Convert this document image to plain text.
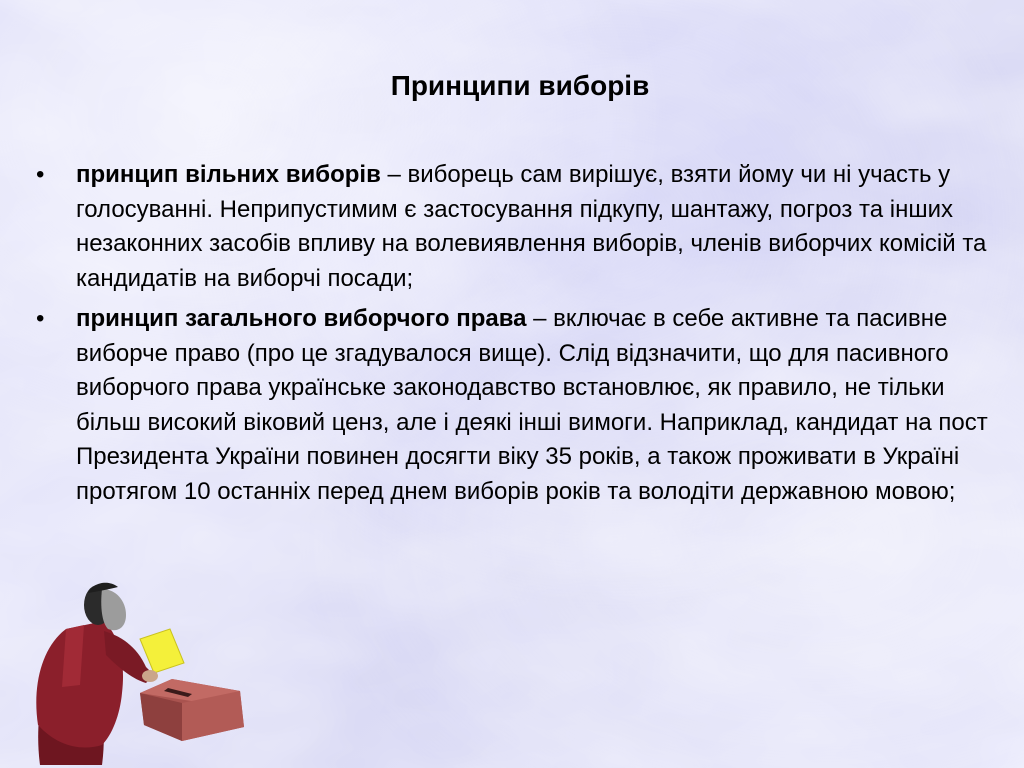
Принципи виборів
• принцип вільних виборів – виборець сам вирішує, взяти йому чи ні участь у голосуванні. Неприпустимим є застосування підкупу, шантажу, погроз та інших незаконних засобів впливу на волевиявлення виборів, членів виборчих комісій та кандидатів на виборчі посади;
• принцип загального виборчого права – включає в себе активне та пасивне виборче право (про це згадувалося вище). Слід відзначити, що для пасивного виборчого права українське законодавство встановлює, як правило, не тільки більш високий віковий ценз, але і деякі інші вимоги. Наприклад, кандидат на пост Президента України повинен досягти віку 35 років, а також проживати в Україні протягом 10 останніх перед днем виборів років та володіти державною мовою;
